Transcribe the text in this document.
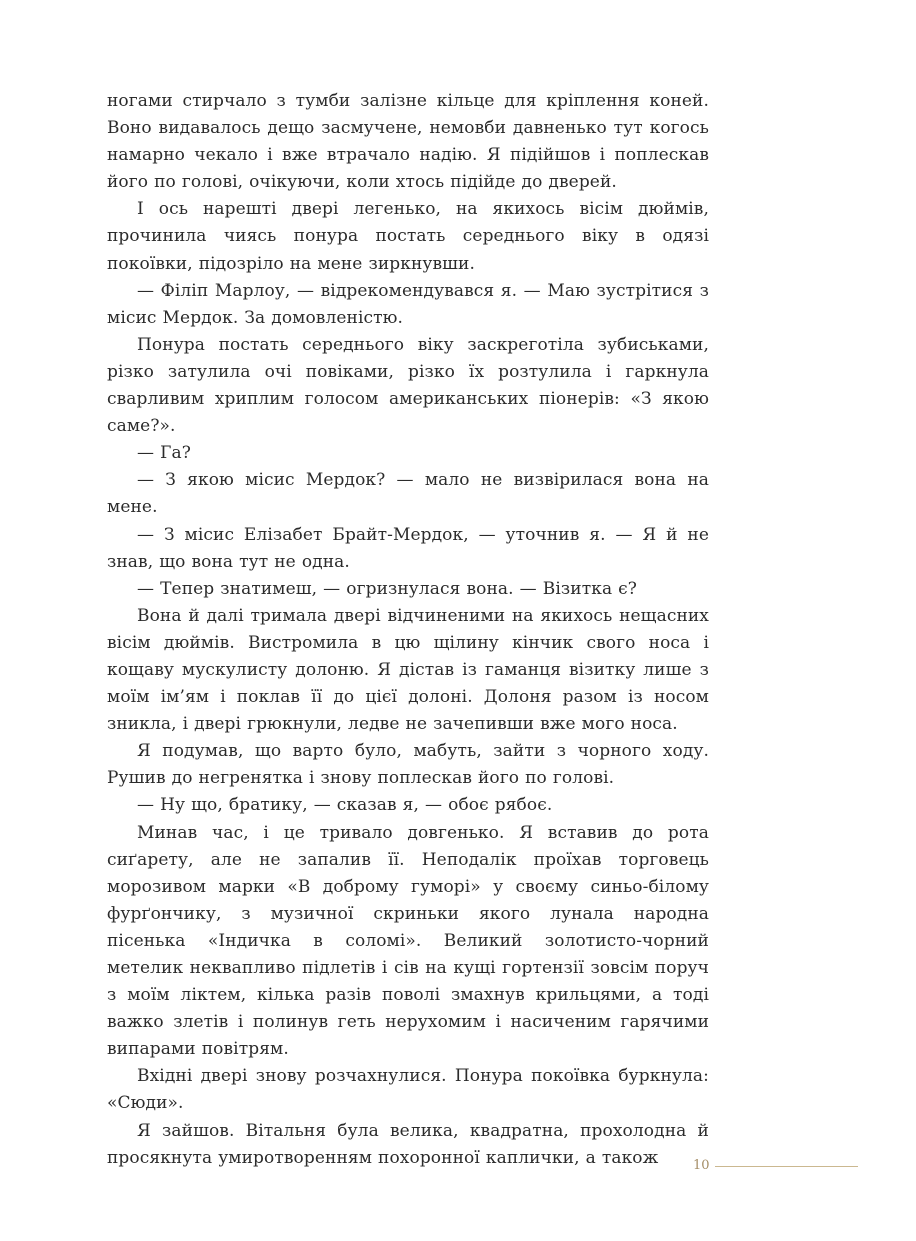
ногами стирчало з тумби залізне кільце для кріплення коней. Воно видавалось дещо засмучене, немовби давненько тут когось намарно чекало і вже втрачало надію. Я підійшов і поплескав його по голові, очікуючи, коли хтось підійде до дверей.

І ось нарешті двері легенько, на якихось вісім дюймів, прочинила чиясь понура постать середнього віку в одязі покоївки, підозріло на мене зиркнувши.

— Філіп Марлоу, — відрекомендувався я. — Маю зустрітися з місис Мердок. За домовленістю.

Понура постать середнього віку заскреготіла зубиськами, різко затулила очі повіками, різко їх розтулила і гаркнула сварливим хриплим голосом американських піонерів: «З якою саме?».

— Га?

— З якою місис Мердок? — мало не визвірилася вона на мене.

— З місис Елізабет Брайт-Мердок, — уточнив я. — Я й не знав, що вона тут не одна.

— Тепер знатимеш, — огризнулася вона. — Візитка є?

Вона й далі тримала двері відчиненими на якихось нещасних вісім дюймів. Вистромила в цю щілину кінчик свого носа і кощаву мускулисту долоню. Я дістав із гаманця візитку лише з моїм ім’ям і поклав її до цієї долоні. Долоня разом із носом зникла, і двері грюкнули, ледве не зачепивши вже мого носа.

Я подумав, що варто було, мабуть, зайти з чорного ходу. Рушив до негренятка і знову поплескав його по голові.

— Ну що, братику, — сказав я, — обоє рябоє.

Минав час, і це тривало довгенько. Я вставив до рота сиґарету, але не запалив її. Неподалік проїхав торговець морозивом марки «В доброму гуморі» у своєму синьо-білому фурґончику, з музичної скриньки якого лунала народна пісенька «Індичка в соломі». Великий золотисто-чорний метелик неквапливо підлетів і сів на кущі гортензії зовсім поруч з моїм ліктем, кілька разів поволі змахнув крильцями, а тоді важко злетів і полинув геть нерухомим і насиченим гарячими випарами повітрям.

Вхідні двері знову розчахнулися. Понура покоївка буркнула: «Сюди».

Я зайшов. Вітальня була велика, квадратна, прохолодна й просякнута умиротворенням похоронної каплички, а також	10
